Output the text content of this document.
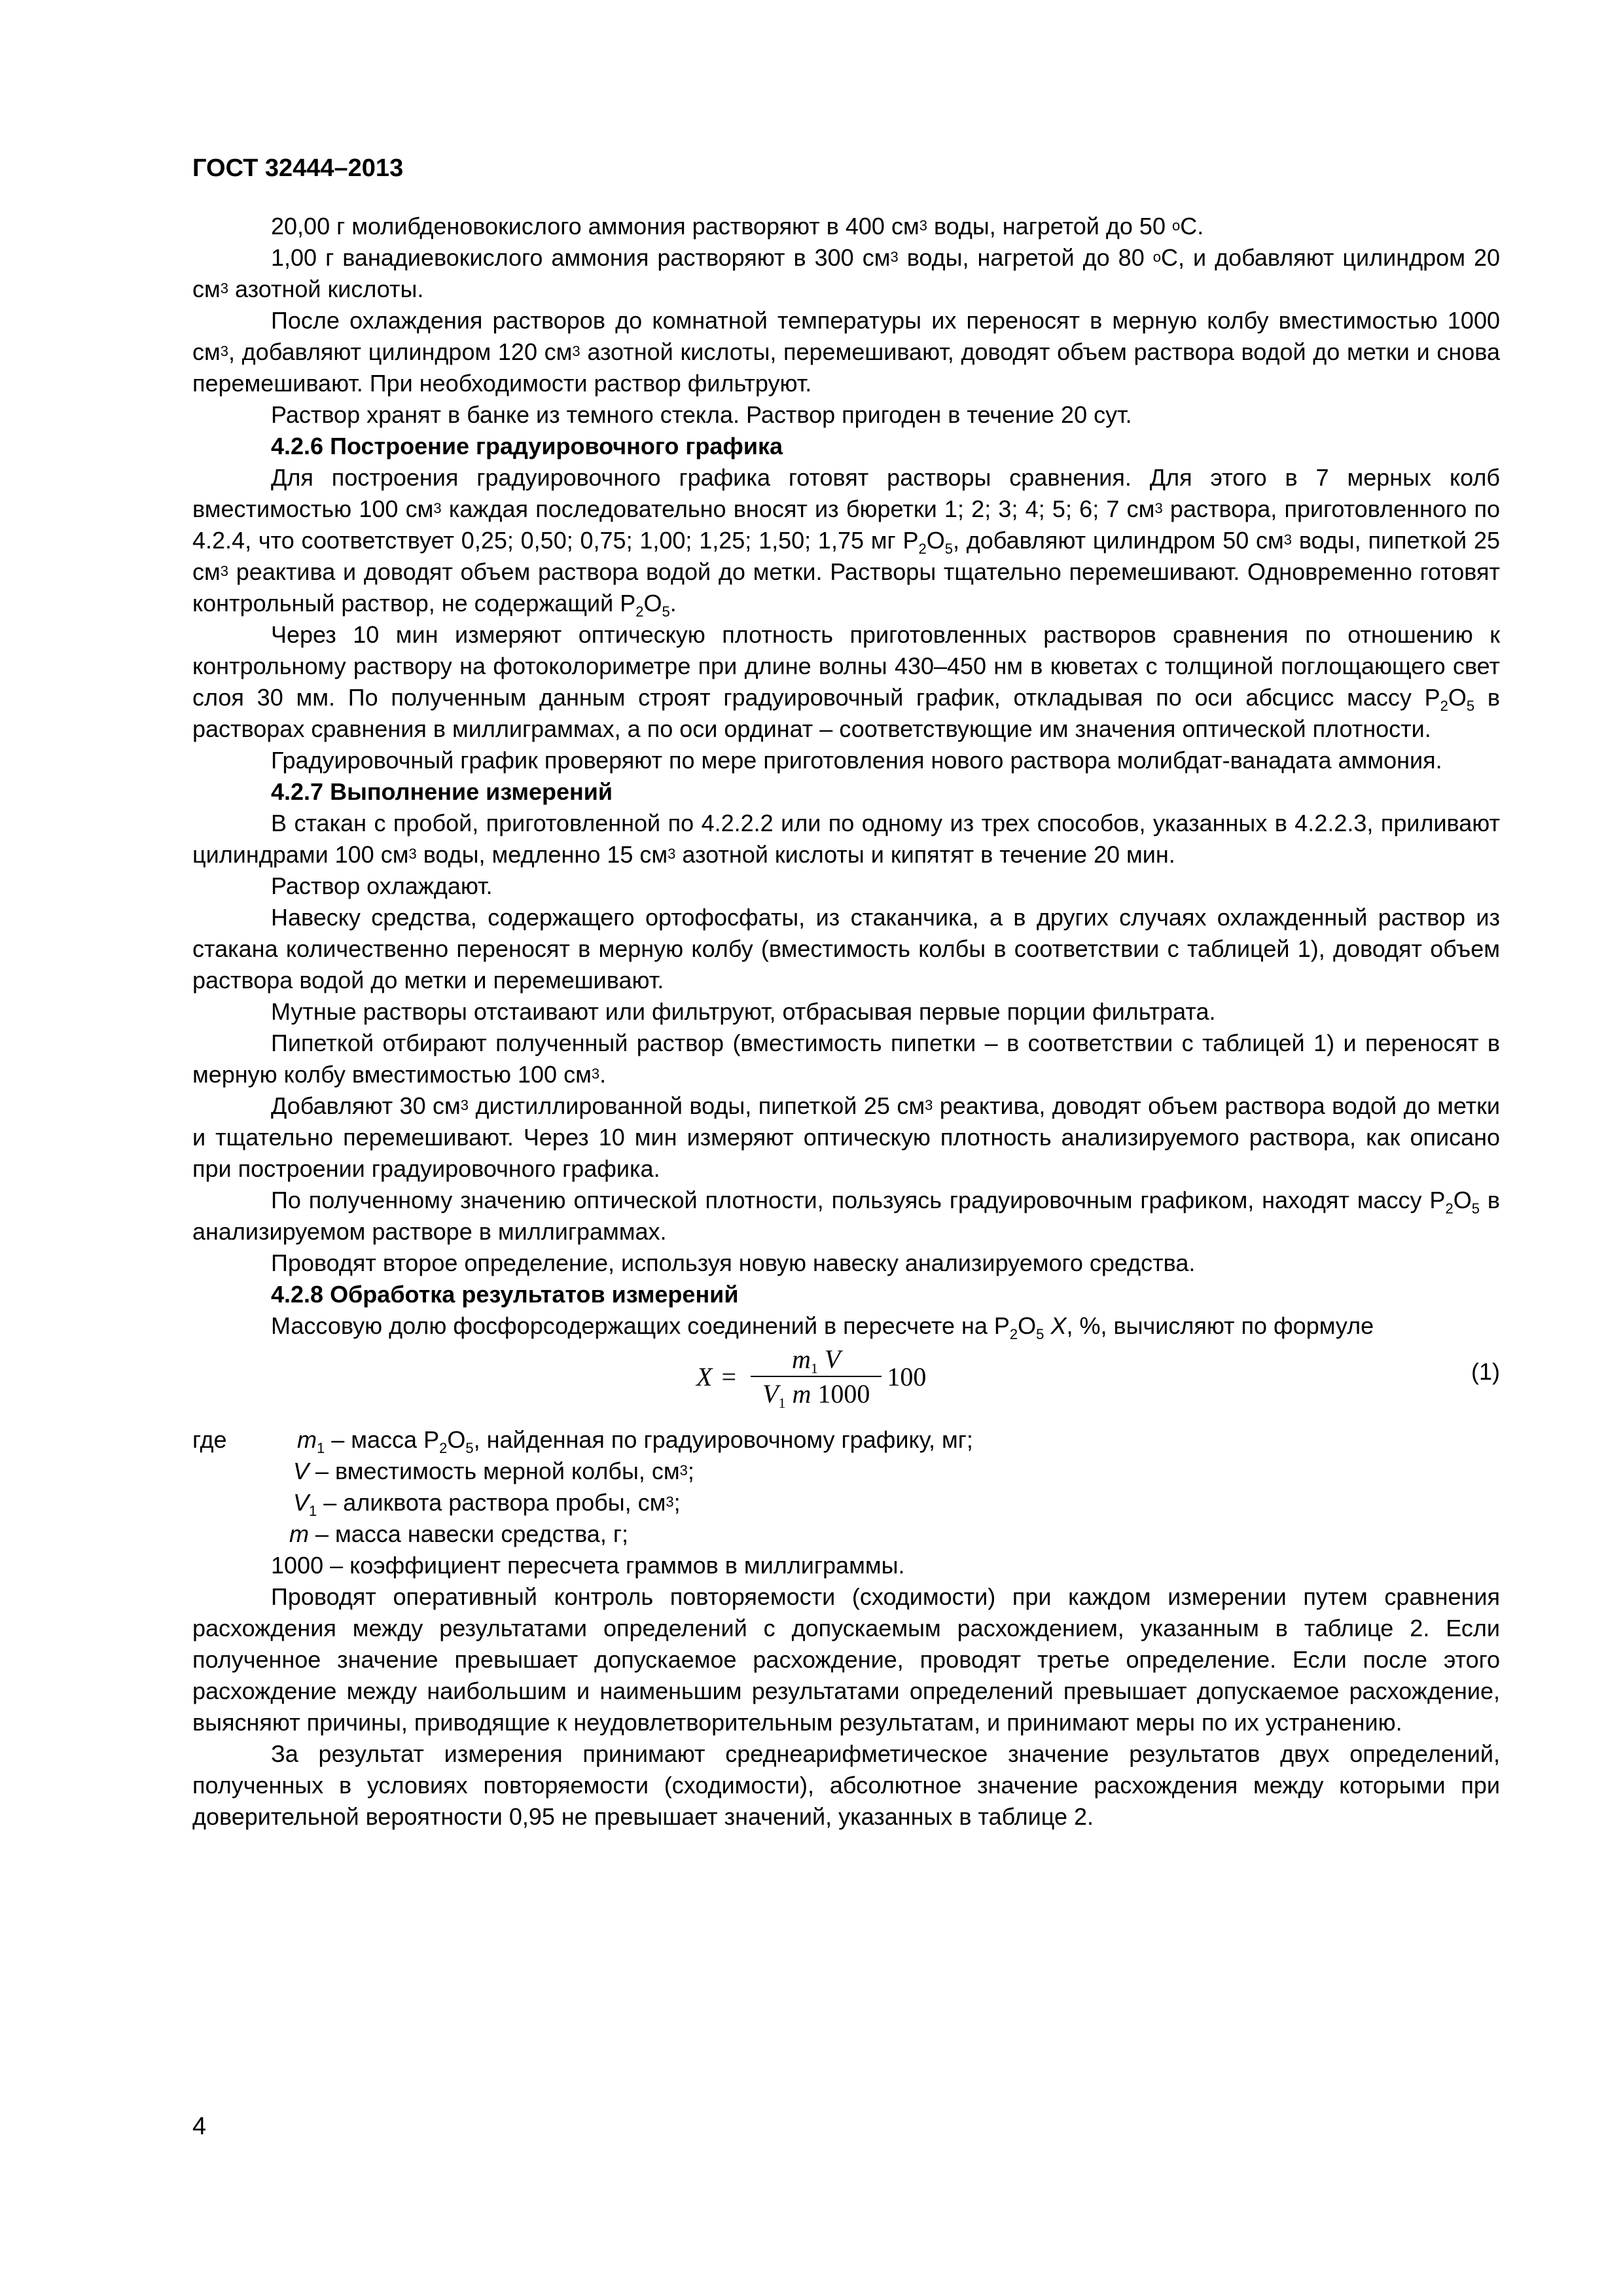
ГОСТ 32444–2013

20,00 г молибденовокислого аммония растворяют в 400 $см^3$ воды, нагретой до 50 $^о$С.

1,00 г ванадиевокислого аммония растворяют в 300 $см^3$ воды, нагретой до 80 $^о$С, и добавляют цилиндром 20 $см^3$ азотной кислоты.

После охлаждения растворов до комнатной температуры их переносят в мерную колбу вместимостью 1000 $см^3$, добавляют цилиндром 120 $см^3$ азотной кислоты, перемешивают, доводят объем раствора водой до метки и снова перемешивают. При необходимости раствор фильтруют.

Раствор хранят в банке из темного стекла. Раствор пригоден в течение 20 сут.

4.2.6 Построение градуировочного графика

Для построения градуировочного графика готовят растворы сравнения. Для этого в 7 мерных колб вместимостью 100 $см^3$ каждая последовательно вносят из бюретки 1; 2; 3; 4; 5; 6; 7 $см^3$ раствора, приготовленного по 4.2.4, что соответствует 0,25; 0,50; 0,75; 1,00; 1,25; 1,50; 1,75 мг $Р_2О_5$, добавляют цилиндром 50 $см^3$ воды, пипеткой 25 $см^3$ реактива и доводят объем раствора водой до метки. Растворы тщательно перемешивают. Одновременно готовят контрольный раствор, не содержащий $Р_2О_5$.

Через 10 мин измеряют оптическую плотность приготовленных растворов сравнения по отношению к контрольному раствору на фотоколориметре при длине волны 430–450 нм в кюветах с толщиной поглощающего свет слоя 30 мм. По полученным данным строят градуировочный график, откладывая по оси абсцисс массу $Р_2О_5$ в растворах сравнения в миллиграммах, а по оси ординат – соответствующие им значения оптической плотности.

Градуировочный график проверяют по мере приготовления нового раствора молибдат-ванадата аммония.

4.2.7 Выполнение измерений

В стакан с пробой, приготовленной по 4.2.2.2 или по одному из трех способов, указанных в 4.2.2.3, приливают цилиндрами 100 $см^3$ воды, медленно 15 $см^3$ азотной кислоты и кипятят в течение 20 мин.

Раствор охлаждают.

Навеску средства, содержащего ортофосфаты, из стаканчика, а в других случаях охлажденный раствор из стакана количественно переносят в мерную колбу (вместимость колбы в соответствии с таблицей 1), доводят объем раствора водой до метки и перемешивают.

Мутные растворы отстаивают или фильтруют, отбрасывая первые порции фильтрата.

Пипеткой отбирают полученный раствор (вместимость пипетки – в соответствии с таблицей 1) и переносят в мерную колбу вместимостью 100 $см^3$.

Добавляют 30 $см^3$ дистиллированной воды, пипеткой 25 $см^3$ реактива, доводят объем раствора водой до метки и тщательно перемешивают. Через 10 мин измеряют оптическую плотность анализируемого раствора, как описано при построении градуировочного графика.

По полученному значению оптической плотности, пользуясь градуировочным графиком, находят массу $Р_2О_5$ в анализируемом растворе в миллиграммах.

Проводят второе определение, используя новую навеску анализируемого средства.

4.2.8 Обработка результатов измерений

Массовую долю фосфорсодержащих соединений в пересчете на $Р_2О_5$ X, %, вычисляют по формуле

$X = \frac{m_1 V}{V_1 m 1000} 100$	(1)
где	$m_1$ – масса $Р_2О_5$, найденная по градуировочному графику, мг;
V – вместимость мерной колбы, $см^3$;
$V_1$ – аликвота раствора пробы, $см^3$;
m – масса навески средства, г;
1000 – коэффициент пересчета граммов в миллиграммы.

Проводят оперативный контроль повторяемости (сходимости) при каждом измерении путем сравнения расхождения между результатами определений с допускаемым расхождением, указанным в таблице 2. Если полученное значение превышает допускаемое расхождение, проводят третье определение. Если после этого расхождение между наибольшим и наименьшим результатами определений превышает допускаемое расхождение, выясняют причины, приводящие к неудовлетворительным результатам, и принимают меры по их устранению.

За результат измерения принимают среднеарифметическое значение результатов двух определений, полученных в условиях повторяемости (сходимости), абсолютное значение расхождения между которыми при доверительной вероятности 0,95 не превышает значений, указанных в таблице 2.

4
